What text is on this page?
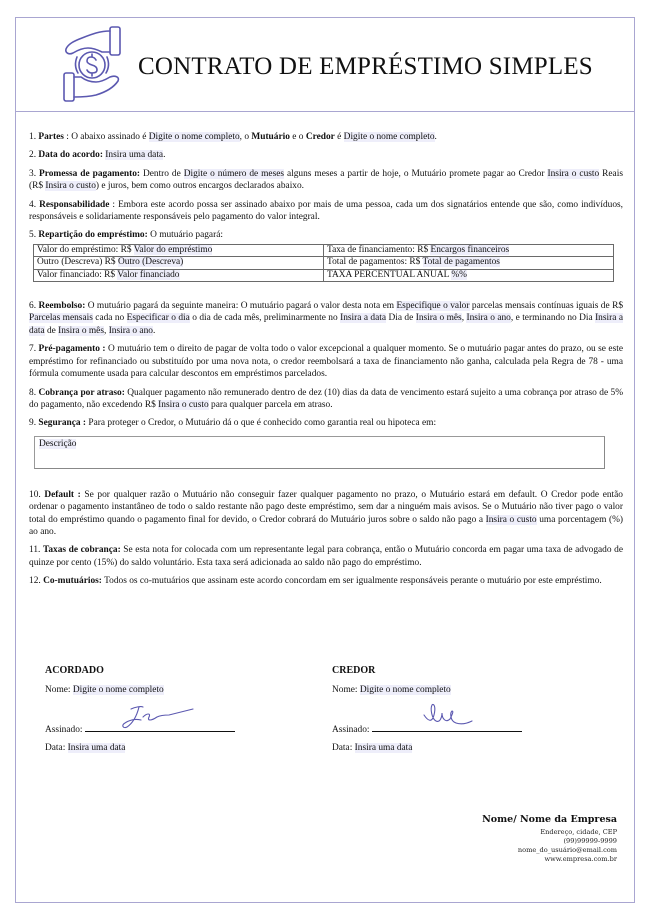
CONTRATO DE EMPRÉSTIMO SIMPLES

1. Partes : O abaixo assinado é Digite o nome completo, o Mutuário e o Credor é Digite o nome completo.

2. Data do acordo: Insira uma data.

3. Promessa de pagamento: Dentro de Digite o número de meses alguns meses a partir de hoje, o Mutuário promete pagar ao Credor Insira o custo Reais (R$ Insira o custo) e juros, bem como outros encargos declarados abaixo.

4. Responsabilidade : Embora este acordo possa ser assinado abaixo por mais de uma pessoa, cada um dos signatários entende que são, como indivíduos, responsáveis e solidariamente responsáveis pelo pagamento do valor integral.

5. Repartição do empréstimo: O mutuário pagará:

Valor do empréstimo: R$ Valor do empréstimo	Taxa de financiamento: R$ Encargos financeiros
Outro (Descreva) R$ Outro (Descreva)	Total de pagamentos: R$ Total de pagamentos
Valor financiado: R$ Valor financiado	TAXA PERCENTUAL ANUAL %%

6. Reembolso: O mutuário pagará da seguinte maneira: O mutuário pagará o valor desta nota em Especifique o valor parcelas mensais contínuas iguais de R$ Parcelas mensais cada no Especificar o dia o dia de cada mês, preliminarmente no Insira a data Dia de Insira o mês, Insira o ano, e terminando no Dia Insira a data de Insira o mês, Insira o ano.

7. Pré-pagamento : O mutuário tem o direito de pagar de volta todo o valor excepcional a qualquer momento. Se o mutuário pagar antes do prazo, ou se este empréstimo for refinanciado ou substituído por uma nova nota, o credor reembolsará a taxa de financiamento não ganha, calculada pela Regra de 78 - uma fórmula comumente usada para calcular descontos em empréstimos parcelados.

8. Cobrança por atraso: Qualquer pagamento não remunerado dentro de dez (10) dias da data de vencimento estará sujeito a uma cobrança por atraso de 5% do pagamento, não excedendo R$ Insira o custo para qualquer parcela em atraso.

9. Segurança : Para proteger o Credor, o Mutuário dá o que é conhecido como garantia real ou hipoteca em:

Descrição

10. Default : Se por qualquer razão o Mutuário não conseguir fazer qualquer pagamento no prazo, o Mutuário estará em default. O Credor pode então ordenar o pagamento instantâneo de todo o saldo restante não pago deste empréstimo, sem dar a ninguém mais avisos. Se o Mutuário não tiver pago o valor total do empréstimo quando o pagamento final for devido, o Credor cobrará do Mutuário juros sobre o saldo não pago a Insira o custo uma porcentagem (%) ao ano.

11. Taxas de cobrança: Se esta nota for colocada com um representante legal para cobrança, então o Mutuário concorda em pagar uma taxa de advogado de quinze por cento (15%) do saldo voluntário. Esta taxa será adicionada ao saldo não pago do empréstimo.

12. Co-mutuários: Todos os co-mutuários que assinam este acordo concordam em ser igualmente responsáveis perante o mutuário por este empréstimo.

ACORDADO
Nome: Digite o nome completo
Assinado:
Data: Insira uma data
CREDOR
Nome: Digite o nome completo
Assinado:
Data: Insira uma data
Nome/ Nome da Empresa
Endereço, cidade, CEP
(99)99999-9999
nome_do_usuário@email.com
www.empresa.com.br
